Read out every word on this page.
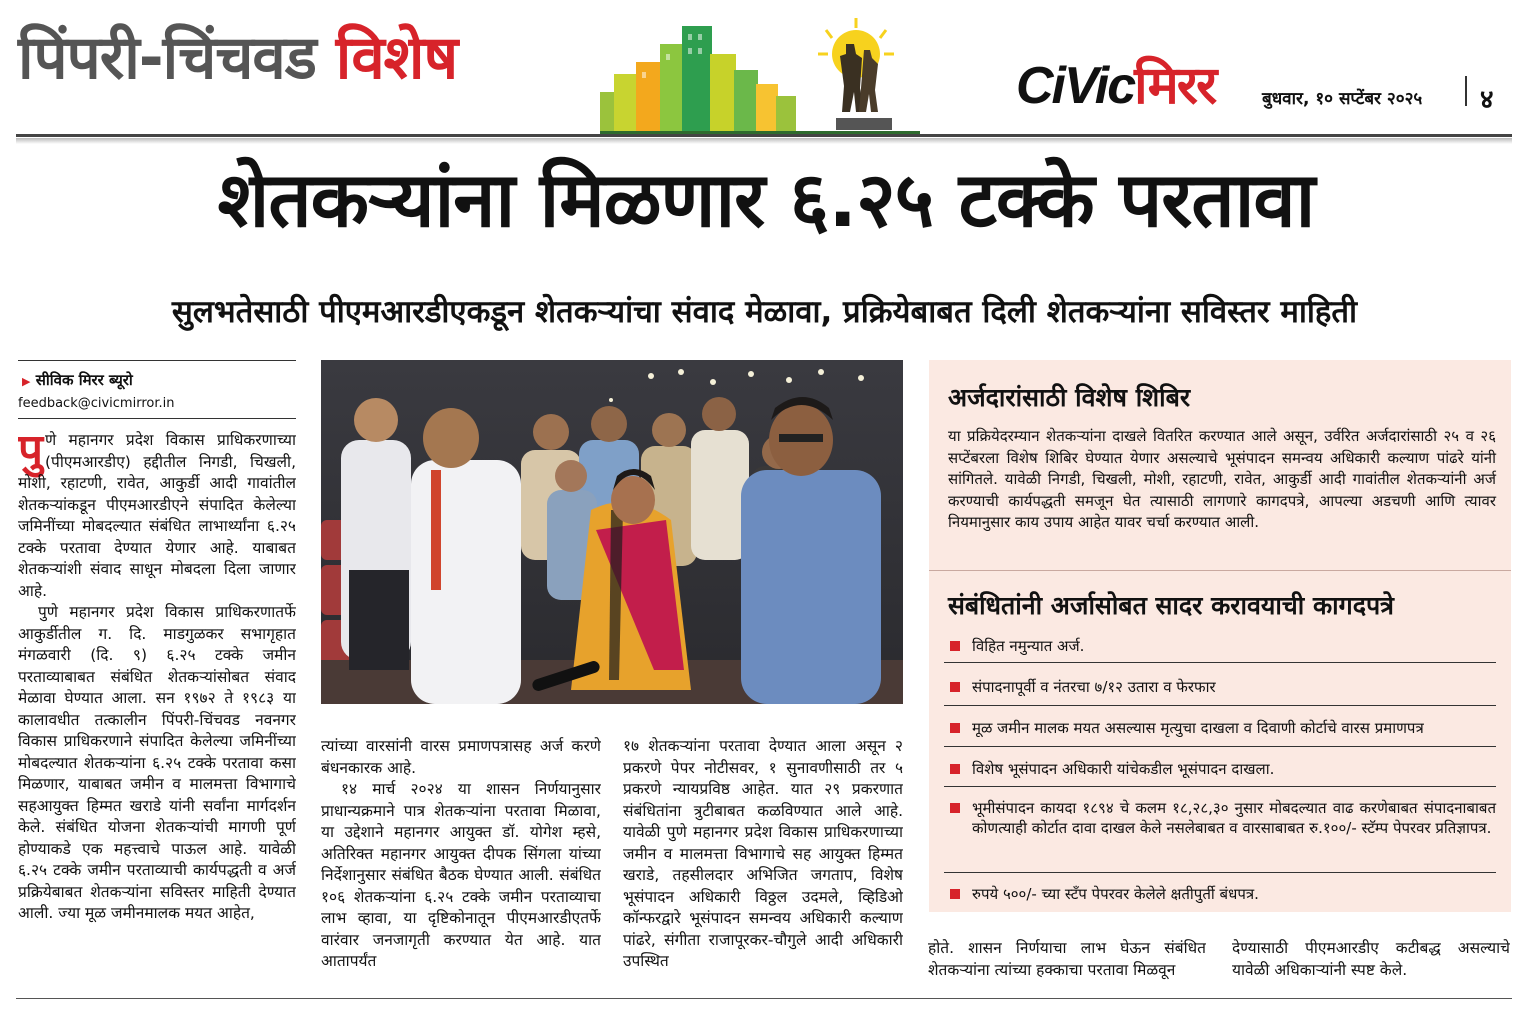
पिंपरी-चिंचवड विशेष	CiVicमिरर	बुधवार, १० सप्टेंबर २०२५ ४
शेतकऱ्यांना मिळणार ६.२५ टक्के परतावा
सुलभतेसाठी पीएमआरडीएकडून शेतकऱ्यांचा संवाद मेळावा, प्रक्रियेबाबत दिली शेतकऱ्यांना सविस्तर माहिती
▶ सीविक मिरर ब्यूरो
feedback@civicmirror.in

पुणे महानगर प्रदेश विकास प्राधिकरणाच्या (पीएमआरडीए) हद्दीतील निगडी, चिखली, मोशी, रहाटणी, रावेत, आकुर्डी आदी गावांतील शेतकऱ्यांकडून पीएमआरडीएने संपादित केलेल्या जमिनींच्या मोबदल्यात संबंधित लाभार्थ्यांना ६.२५ टक्के परतावा देण्यात येणार आहे. याबाबत शेतकऱ्यांशी संवाद साधून मोबदला दिला जाणार आहे.

पुणे महानगर प्रदेश विकास प्राधिकरणातर्फे आकुर्डीतील ग. दि. माडगुळकर सभागृहात मंगळवारी (दि. ९) ६.२५ टक्के जमीन परताव्याबाबत संबंधित शेतकऱ्यांसोबत संवाद मेळावा घेण्यात आला. सन १९७२ ते १९८३ या कालावधीत तत्कालीन पिंपरी-चिंचवड नवनगर विकास प्राधिकरणाने संपादित केलेल्या जमिनींच्या मोबदल्यात शेतकऱ्यांना ६.२५ टक्के परतावा कसा मिळणार, याबाबत जमीन व मालमत्ता विभागाचे सहआयुक्त हिम्मत खराडे यांनी सर्वांना मार्गदर्शन केले. संबंधित योजना शेतकऱ्यांची मागणी पूर्ण होण्याकडे एक महत्त्वाचे पाऊल आहे. यावेळी ६.२५ टक्के जमीन परताव्याची कार्यपद्धती व अर्ज प्रक्रियेबाबत शेतकऱ्यांना सविस्तर माहिती देण्यात आली. ज्या मूळ जमीनमालक मयत आहेत,

त्यांच्या वारसांनी वारस प्रमाणपत्रासह अर्ज करणे बंधनकारक आहे.

१४ मार्च २०२४ या शासन निर्णयानुसार प्राधान्यक्रमाने पात्र शेतकऱ्यांना परतावा मिळावा, या उद्देशाने महानगर आयुक्त डॉ. योगेश म्हसे, अतिरिक्त महानगर आयुक्त दीपक सिंगला यांच्या निर्देशानुसार संबंधित बैठक घेण्यात आली. संबंधित १०६ शेतकऱ्यांना ६.२५ टक्के जमीन परताव्याचा लाभ व्हावा, या दृष्टिकोनातून पीएमआरडीएतर्फे वारंवार जनजागृती करण्यात येत आहे. यात आतापर्यंत

१७ शेतकऱ्यांना परतावा देण्यात आला असून २ प्रकरणे पेपर नोटीसवर, १ सुनावणीसाठी तर ५ प्रकरणे न्यायप्रविष्ठ आहेत. यात २९ प्रकरणात संबंधितांना त्रुटीबाबत कळविण्यात आले आहे. यावेळी पुणे महानगर प्रदेश विकास प्राधिकरणाच्या जमीन व मालमत्ता विभागाचे सह आयुक्त हिम्मत खराडे, तहसीलदार अभिजित जगताप, विशेष भूसंपादन अधिकारी विठ्ठल उदमले, व्हिडिओ कॉन्फरद्वारे भूसंपादन समन्वय अधिकारी कल्याण पांढरे, संगीता राजापूरकर-चौगुले आदी अधिकारी उपस्थित

अर्जदारांसाठी विशेष शिबिर
या प्रक्रियेदरम्यान शेतकऱ्यांना दाखले वितरित करण्यात आले असून, उर्वरित अर्जदारांसाठी २५ व २६ सप्टेंबरला विशेष शिबिर घेण्यात येणार असल्याचे भूसंपादन समन्वय अधिकारी कल्याण पांढरे यांनी सांगितले. यावेळी निगडी, चिखली, मोशी, रहाटणी, रावेत, आकुर्डी आदी गावांतील शेतकऱ्यांनी अर्ज करण्याची कार्यपद्धती समजून घेत त्यासाठी लागणारे कागदपत्रे, आपल्या अडचणी आणि त्यावर नियमानुसार काय उपाय आहेत यावर चर्चा करण्यात आली.
संबंधितांनी अर्जासोबत सादर करावयाची कागदपत्रे
विहित नमुन्यात अर्ज.
संपादनापूर्वी व नंतरचा ७/१२ उतारा व फेरफार
मूळ जमीन मालक मयत असल्यास मृत्युचा दाखला व दिवाणी कोर्टाचे वारस प्रमाणपत्र
विशेष भूसंपादन अधिकारी यांचेकडील भूसंपादन दाखला.
भूमीसंपादन कायदा १८९४ चे कलम १८,२८,३० नुसार मोबदल्यात वाढ करणेबाबत संपादनाबाबत कोणत्याही कोर्टात दावा दाखल केले नसलेबाबत व वारसाबाबत रु.१००/- स्टॅम्प पेपरवर प्रतिज्ञापत्र.
रुपये ५००/- च्या स्टॅंप पेपरवर केलेले क्षतीपुर्ती बंधपत्र.

होते. शासन निर्णयाचा लाभ घेऊन संबंधित शेतकऱ्यांना त्यांच्या हक्काचा परतावा मिळवून

देण्यासाठी पीएमआरडीए कटीबद्ध असल्याचे यावेळी अधिकाऱ्यांनी स्पष्ट केले.
